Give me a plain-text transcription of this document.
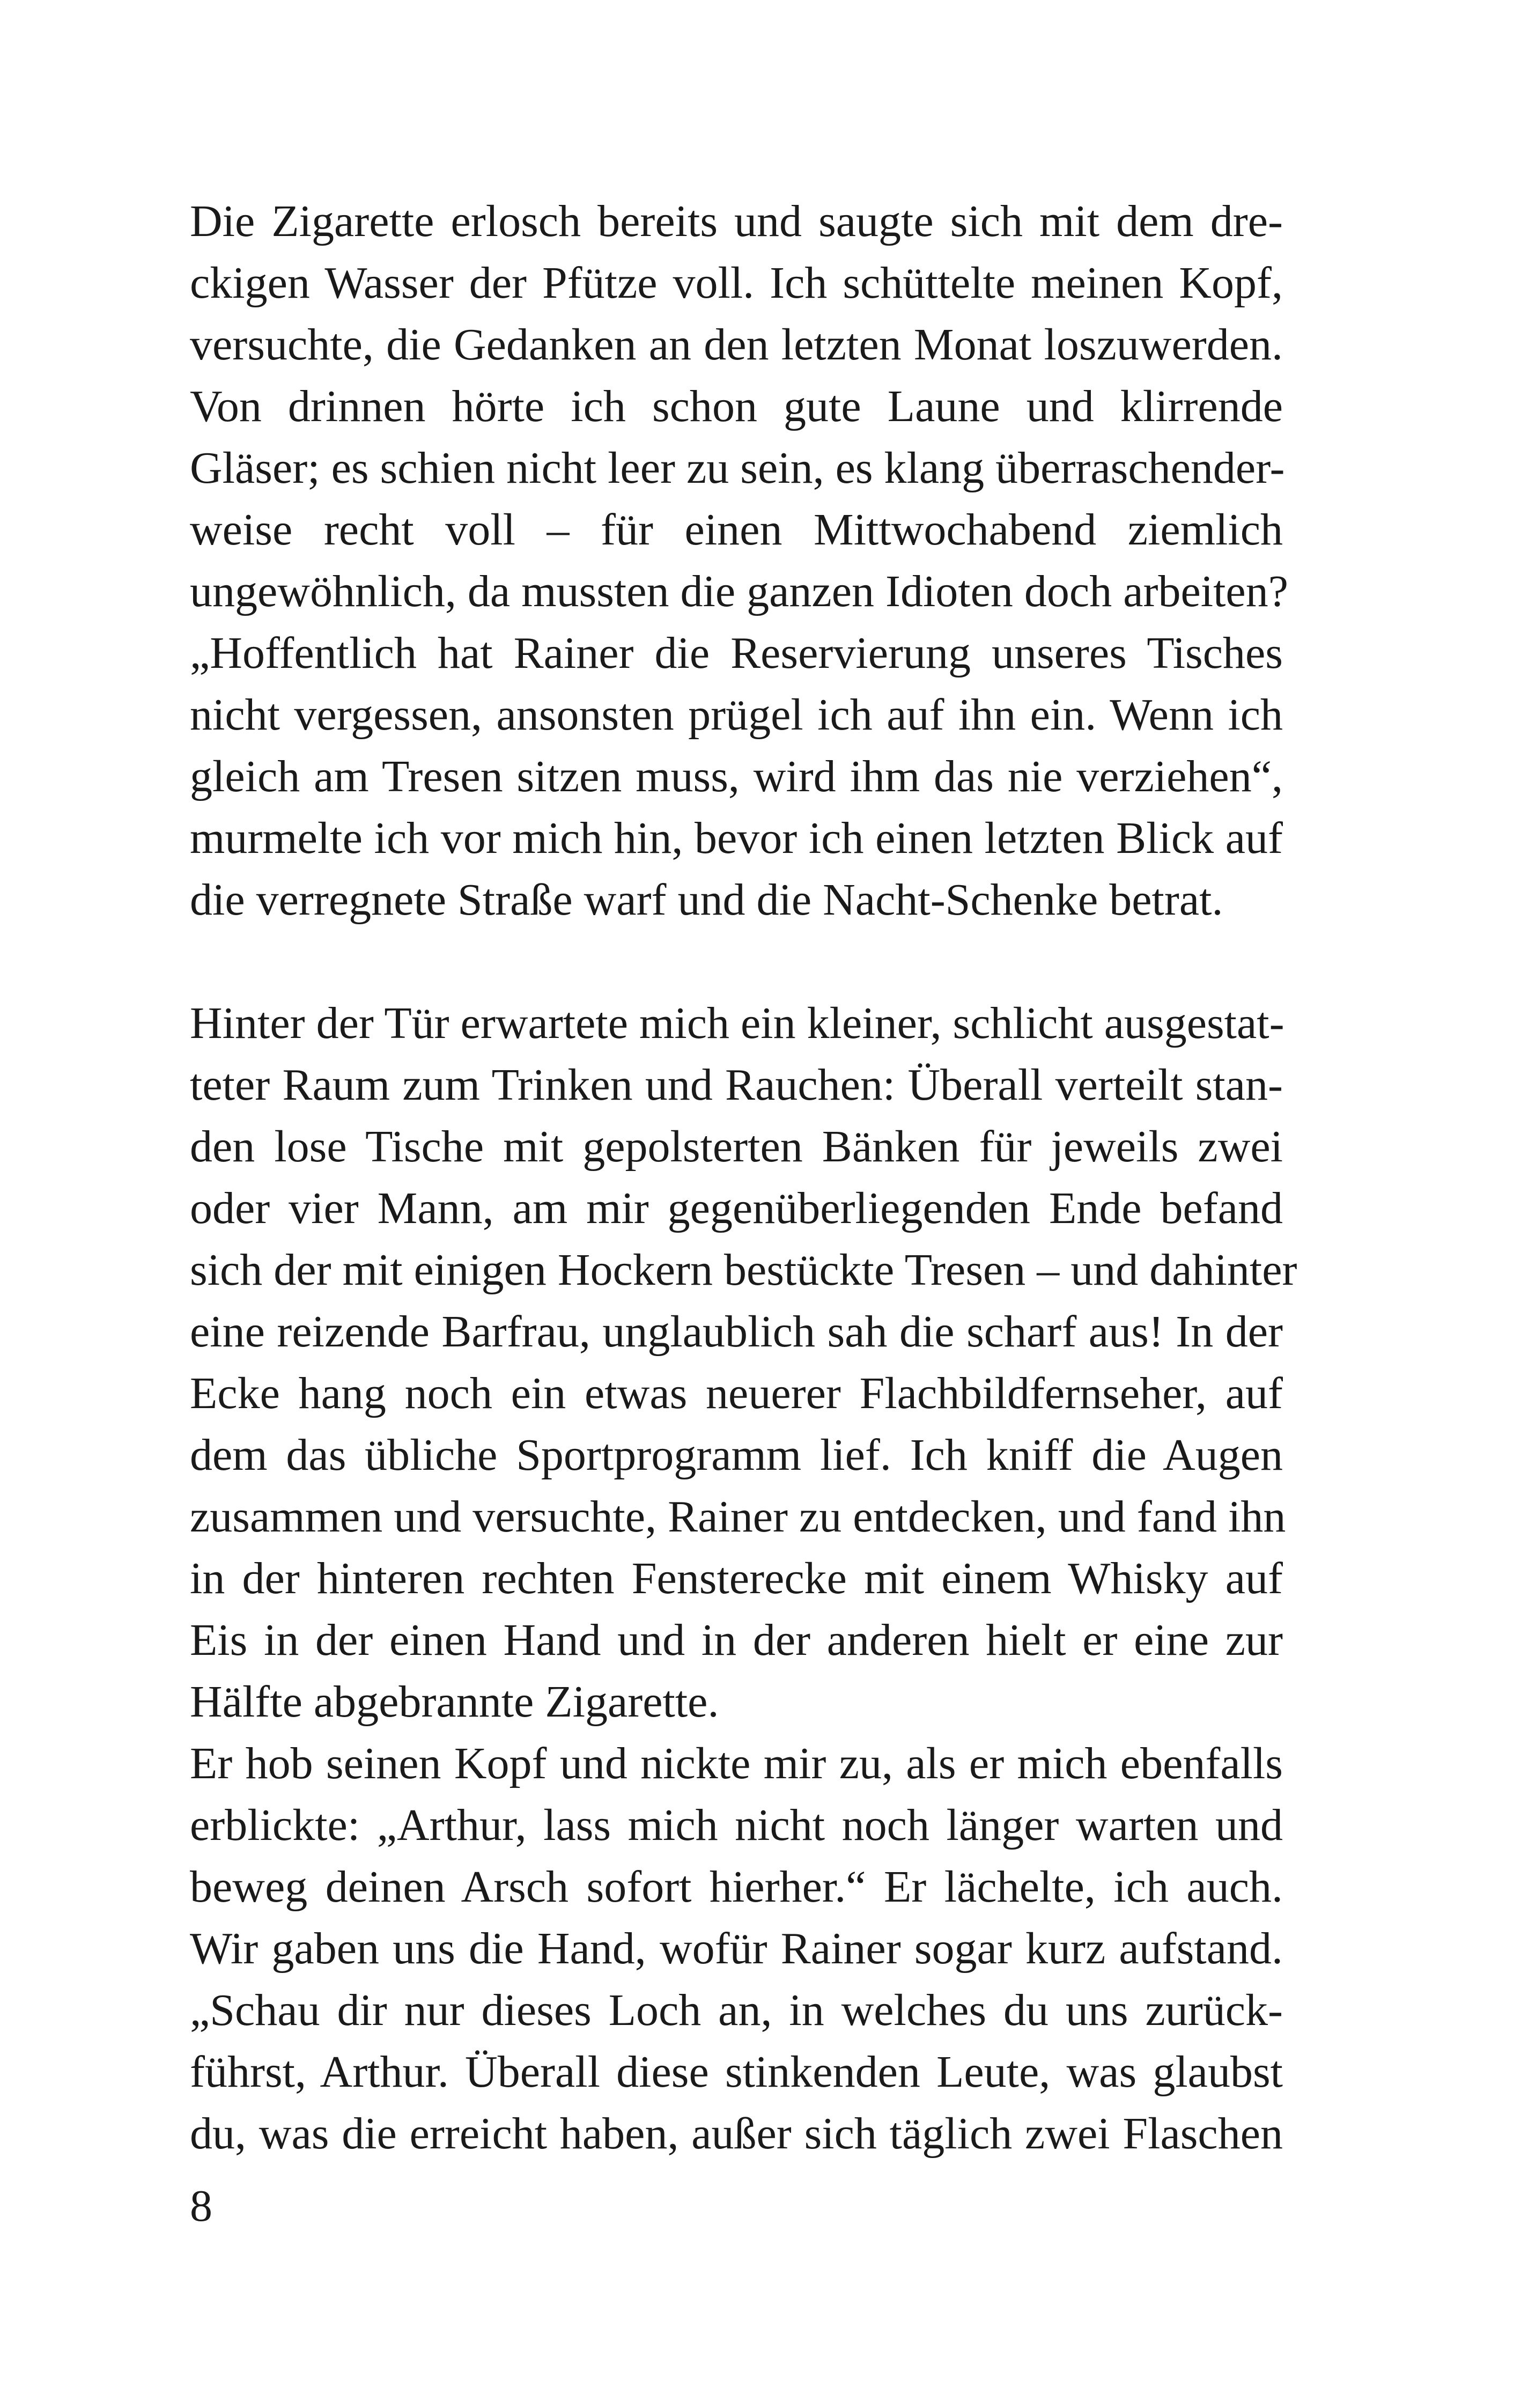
Die Zigarette erlosch bereits und saugte sich mit dem dre-
ckigen Wasser der Pfütze voll. Ich schüttelte meinen Kopf,
versuchte, die Gedanken an den letzten Monat loszuwerden.
Von drinnen hörte ich schon gute Laune und klirrende
Gläser; es schien nicht leer zu sein, es klang überraschender-
weise recht voll – für einen Mittwochabend ziemlich
ungewöhnlich, da mussten die ganzen Idioten doch arbeiten?
„Hoffentlich hat Rainer die Reservierung unseres Tisches
nicht vergessen, ansonsten prügel ich auf ihn ein. Wenn ich
gleich am Tresen sitzen muss, wird ihm das nie verziehen“,
murmelte ich vor mich hin, bevor ich einen letzten Blick auf
die verregnete Straße warf und die Nacht-Schenke betrat.
Hinter der Tür erwartete mich ein kleiner, schlicht ausgestat-
teter Raum zum Trinken und Rauchen: Überall verteilt stan-
den lose Tische mit gepolsterten Bänken für jeweils zwei
oder vier Mann, am mir gegenüberliegenden Ende befand
sich der mit einigen Hockern bestückte Tresen – und dahinter
eine reizende Barfrau, unglaublich sah die scharf aus! In der
Ecke hang noch ein etwas neuerer Flachbildfernseher, auf
dem das übliche Sportprogramm lief. Ich kniff die Augen
zusammen und versuchte, Rainer zu entdecken, und fand ihn
in der hinteren rechten Fensterecke mit einem Whisky auf
Eis in der einen Hand und in der anderen hielt er eine zur
Hälfte abgebrannte Zigarette.
Er hob seinen Kopf und nickte mir zu, als er mich ebenfalls
erblickte: „Arthur, lass mich nicht noch länger warten und
beweg deinen Arsch sofort hierher.“ Er lächelte, ich auch.
Wir gaben uns die Hand, wofür Rainer sogar kurz aufstand.
„Schau dir nur dieses Loch an, in welches du uns zurück-
führst, Arthur. Überall diese stinkenden Leute, was glaubst
du, was die erreicht haben, außer sich täglich zwei Flaschen
8
